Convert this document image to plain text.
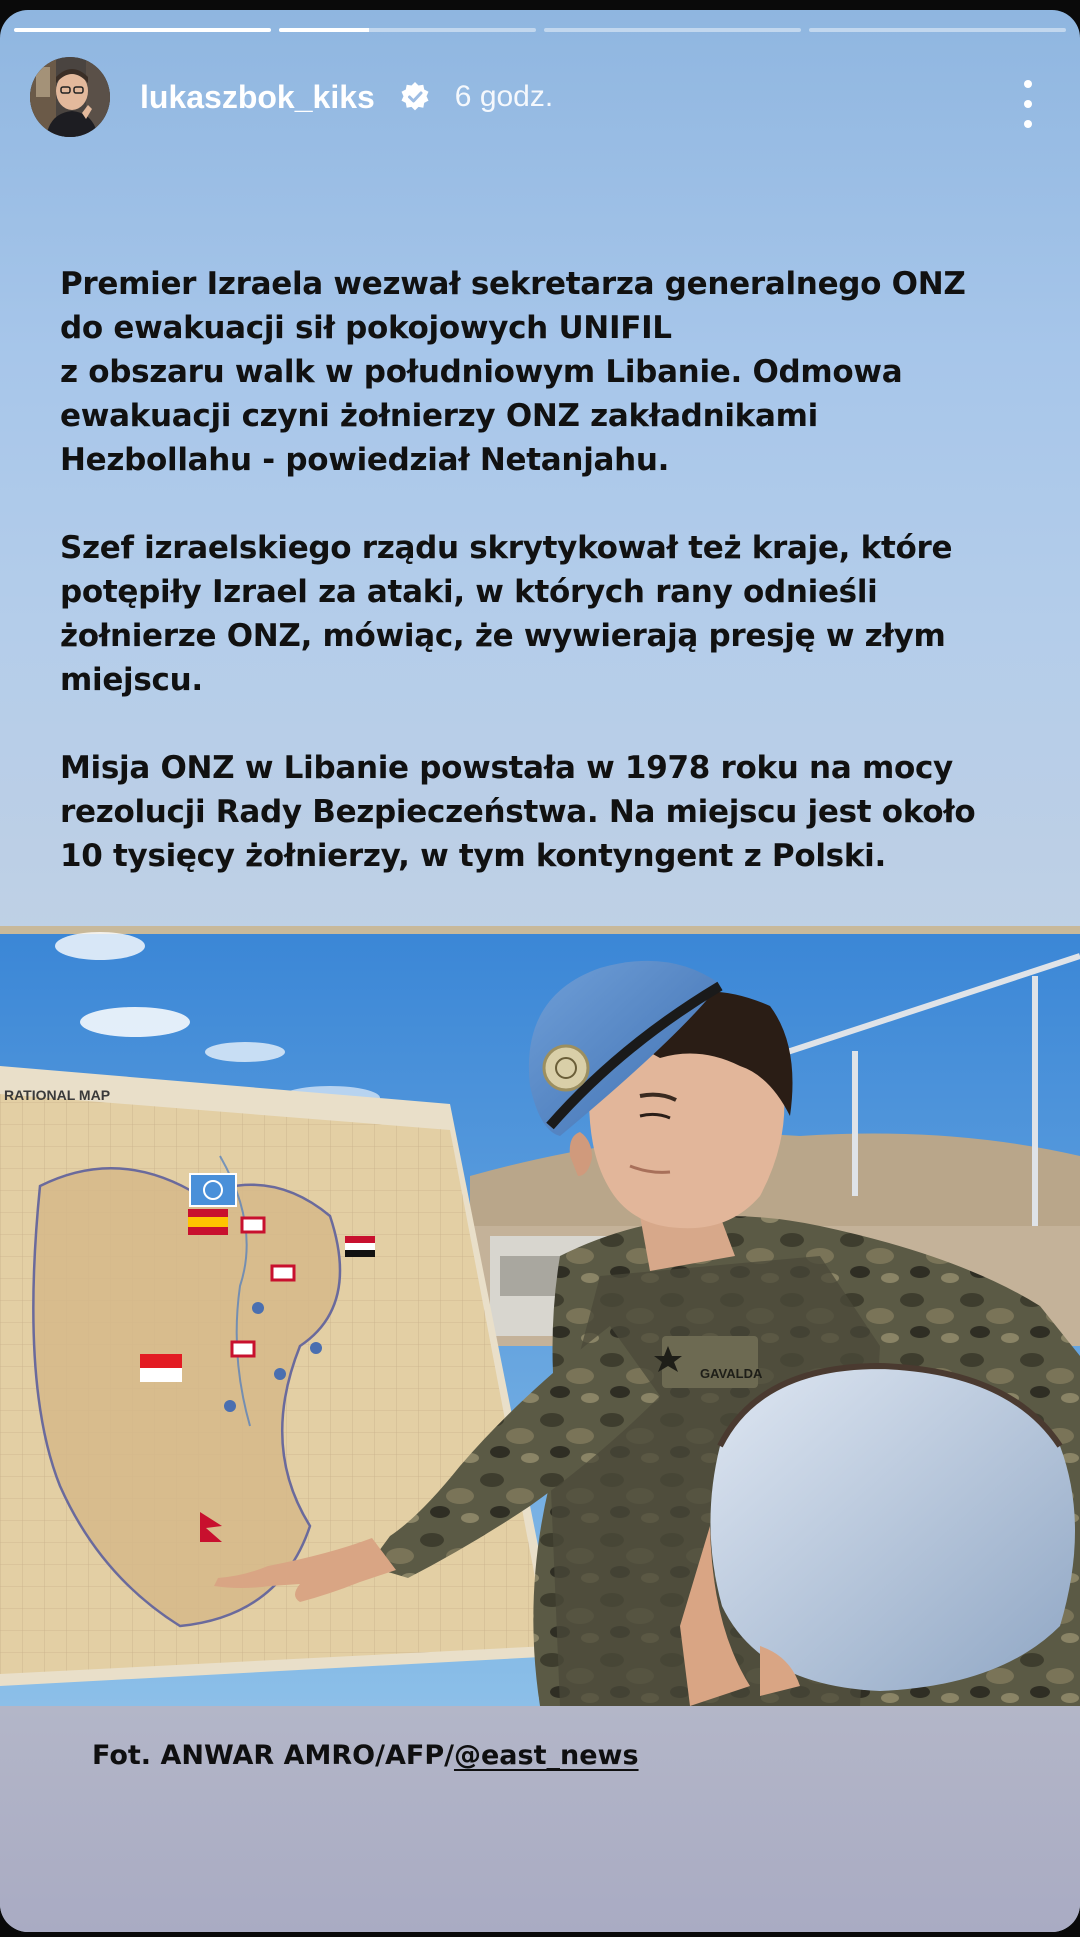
lukaszbok_kiks	6 godz.

Premier Izraela wezwał sekretarza generalnego ONZ
do ewakuacji sił pokojowych UNIFIL
z obszaru walk w południowym Libanie. Odmowa
ewakuacji czyni żołnierzy ONZ zakładnikami
Hezbollahu - powiedział Netanjahu.

Szef izraelskiego rządu skrytykował też kraje, które
potępiły Izrael za ataki, w których rany odnieśli
żołnierze ONZ, mówiąc, że wywierają presję w złym
miejscu.

Misja ONZ w Libanie powstała w 1978 roku na mocy
rezolucji Rady Bezpieczeństwa. Na miejscu jest około
10 tysięcy żołnierzy, w tym kontyngent z Polski.

RATIONAL MAP
GAVALDA
Fot. ANWAR AMRO/AFP/@east_news
